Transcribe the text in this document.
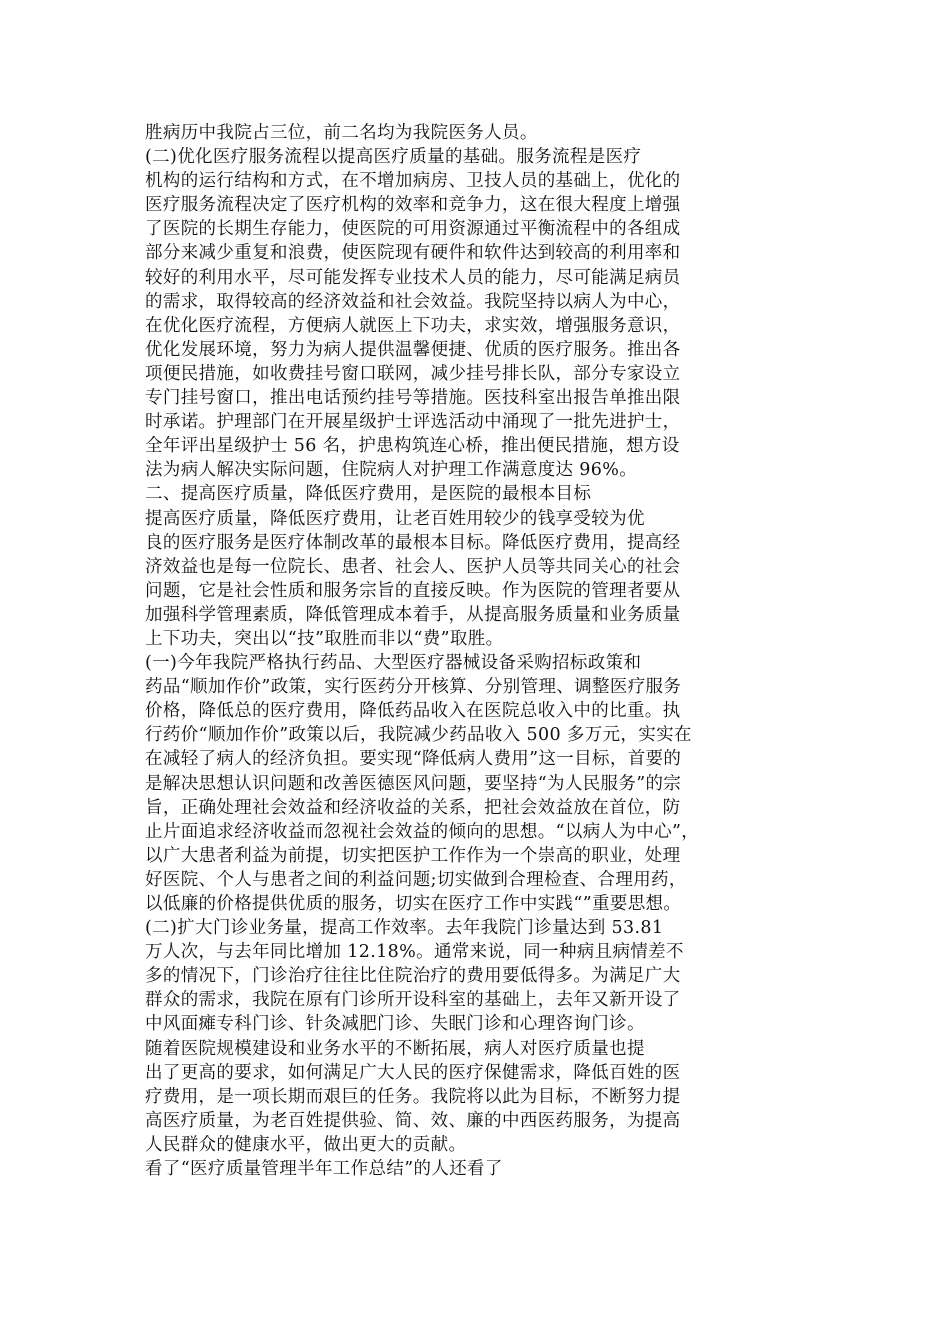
胜病历中我院占三位，前二名均为我院医务人员。
(二)优化医疗服务流程以提高医疗质量的基础。服务流程是医疗
机构的运行结构和方式，在不增加病房、卫技人员的基础上，优化的
医疗服务流程决定了医疗机构的效率和竞争力，这在很大程度上增强
了医院的长期生存能力，使医院的可用资源通过平衡流程中的各组成
部分来减少重复和浪费，使医院现有硬件和软件达到较高的利用率和
较好的利用水平，尽可能发挥专业技术人员的能力，尽可能满足病员
的需求，取得较高的经济效益和社会效益。我院坚持以病人为中心，
在优化医疗流程，方便病人就医上下功夫，求实效，增强服务意识，
优化发展环境，努力为病人提供温馨便捷、优质的医疗服务。推出各
项便民措施，如收费挂号窗口联网，减少挂号排长队，部分专家设立
专门挂号窗口，推出电话预约挂号等措施。医技科室出报告单推出限
时承诺。护理部门在开展星级护士评选活动中涌现了一批先进护士，
全年评出星级护士 56 名，护患构筑连心桥，推出便民措施，想方设
法为病人解决实际问题，住院病人对护理工作满意度达 96%。
二、提高医疗质量，降低医疗费用，是医院的最根本目标
提高医疗质量，降低医疗费用，让老百姓用较少的钱享受较为优
良的医疗服务是医疗体制改革的最根本目标。降低医疗费用，提高经
济效益也是每一位院长、患者、社会人、医护人员等共同关心的社会
问题，它是社会性质和服务宗旨的直接反映。作为医院的管理者要从
加强科学管理素质，降低管理成本着手，从提高服务质量和业务质量
上下功夫，突出以“技”取胜而非以“费”取胜。
(一)今年我院严格执行药品、大型医疗器械设备采购招标政策和
药品“顺加作价”政策，实行医药分开核算、分别管理、调整医疗服务
价格，降低总的医疗费用，降低药品收入在医院总收入中的比重。执
行药价“顺加作价”政策以后，我院减少药品收入 500 多万元，实实在
在减轻了病人的经济负担。要实现“降低病人费用”这一目标，首要的
是解决思想认识问题和改善医德医风问题，要坚持“为人民服务”的宗
旨，正确处理社会效益和经济收益的关系，把社会效益放在首位，防
止片面追求经济收益而忽视社会效益的倾向的思想。“以病人为中心”，
以广大患者利益为前提，切实把医护工作作为一个崇高的职业，处理
好医院、个人与患者之间的利益问题;切实做到合理检查、合理用药，
以低廉的价格提供优质的服务，切实在医疗工作中实践“”重要思想。
(二)扩大门诊业务量，提高工作效率。去年我院门诊量达到 53.81
万人次，与去年同比增加 12.18%。通常来说，同一种病且病情差不
多的情况下，门诊治疗往往比住院治疗的费用要低得多。为满足广大
群众的需求，我院在原有门诊所开设科室的基础上，去年又新开设了
中风面瘫专科门诊、针灸减肥门诊、失眠门诊和心理咨询门诊。
随着医院规模建设和业务水平的不断拓展，病人对医疗质量也提
出了更高的要求，如何满足广大人民的医疗保健需求，降低百姓的医
疗费用，是一项长期而艰巨的任务。我院将以此为目标，不断努力提
高医疗质量，为老百姓提供验、简、效、廉的中西医药服务，为提高
人民群众的健康水平，做出更大的贡献。
看了“医疗质量管理半年工作总结”的人还看了
